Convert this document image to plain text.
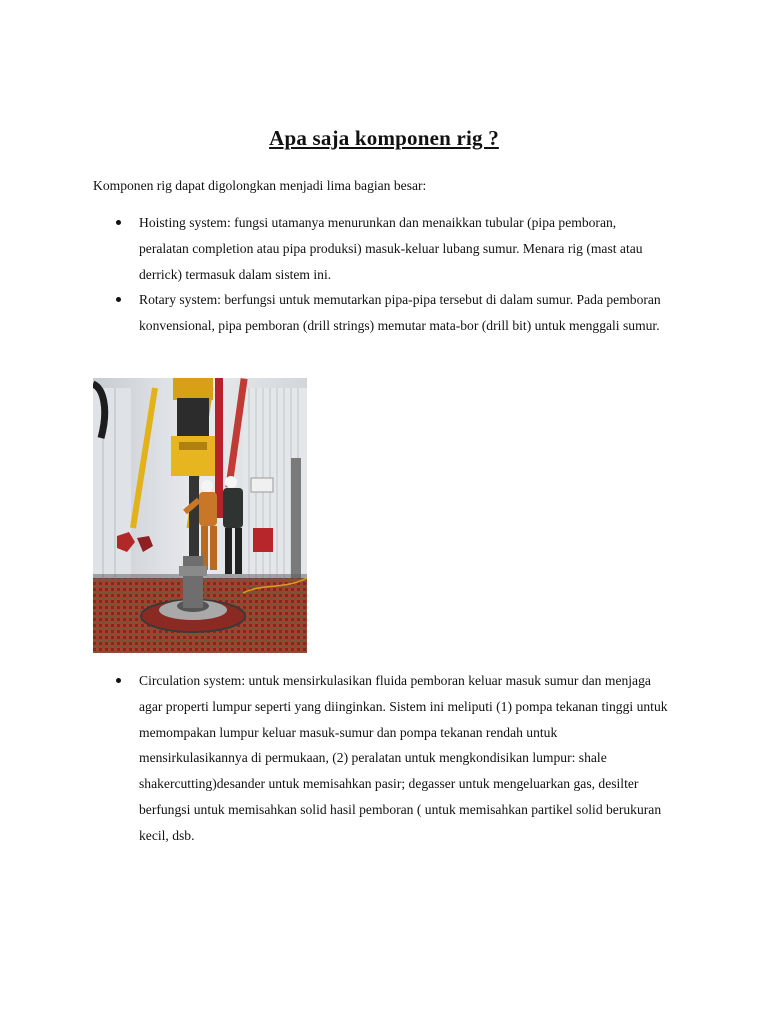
Apa saja komponen rig ?
Komponen rig dapat digolongkan menjadi lima bagian besar:
Hoisting system: fungsi utamanya menurunkan dan menaikkan tubular (pipa pemboran, peralatan completion atau pipa produksi) masuk-keluar lubang sumur. Menara rig (mast atau derrick) termasuk dalam sistem ini.
Rotary system: berfungsi untuk memutarkan pipa-pipa tersebut di dalam sumur. Pada pemboran konvensional, pipa pemboran (drill strings) memutar mata-bor (drill bit) untuk menggali sumur.
Circulation system: untuk mensirkulasikan fluida pemboran keluar masuk sumur dan menjaga agar properti lumpur seperti yang diinginkan. Sistem ini meliputi (1) pompa tekanan tinggi untuk memompakan lumpur keluar masuk-sumur dan pompa tekanan rendah untuk mensirkulasikannya di permukaan, (2) peralatan untuk mengkondisikan lumpur: shale shakercutting)desander untuk memisahkan pasir; degasser untuk mengeluarkan gas, desilter berfungsi untuk memisahkan solid hasil pemboran ( untuk memisahkan partikel solid berukuran kecil, dsb.
